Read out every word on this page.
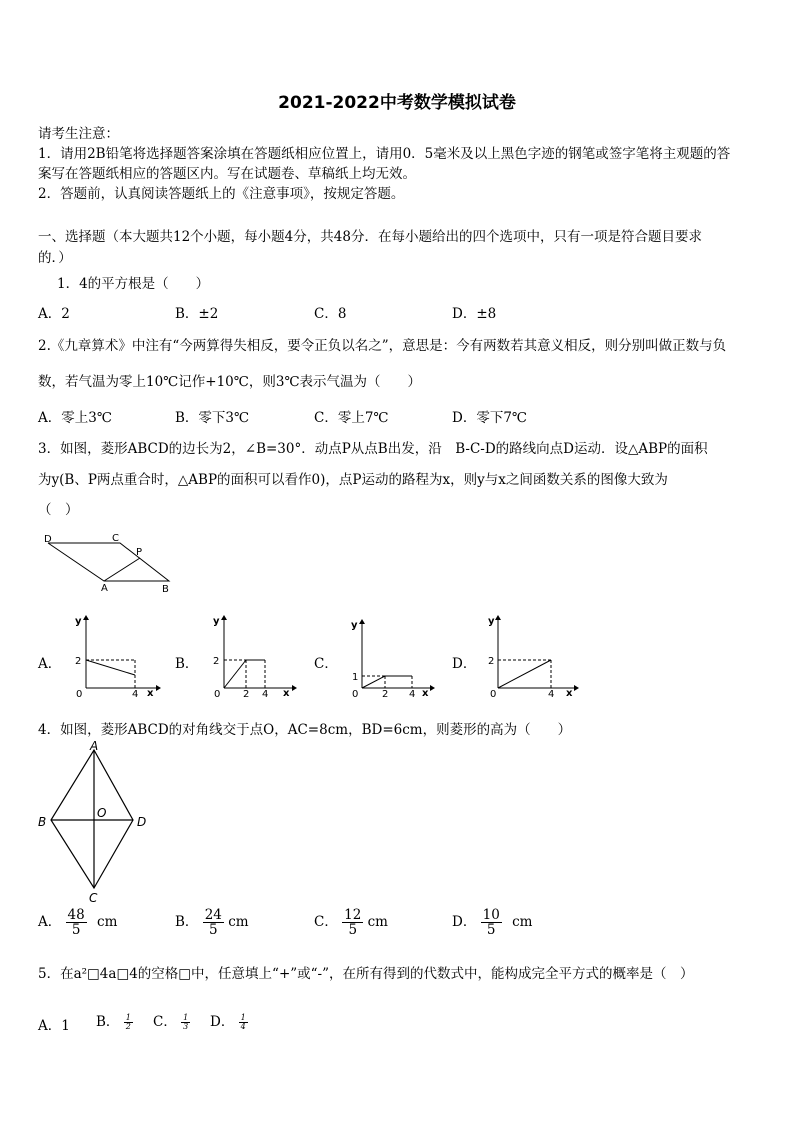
2021-2022中考数学模拟试卷
请考生注意：
1．请用2B铅笔将选择题答案涂填在答题纸相应位置上，请用0．5毫米及以上黑色字迹的钢笔或签字笔将主观题的答
案写在答题纸相应的答题区内。写在试题卷、草稿纸上均无效。
2．答题前，认真阅读答题纸上的《注意事项》，按规定答题。
一、选择题（本大题共12个小题，每小题4分，共48分．在每小题给出的四个选项中，只有一项是符合题目要求
的．）
1．4的平方根是（　　）
A．2	B．±2	C．8	D．±8
2.《九章算术》中注有“今两算得失相反，要令正负以名之”，意思是：今有两数若其意义相反，则分别叫做正数与负
数，若气温为零上10℃记作+10℃，则3℃表示气温为（　　）
A．零上3℃	B．零下3℃	C．零上7℃	D．零下7℃
3．如图，菱形ABCD的边长为2，∠B=30°．动点P从点B出发，沿　B-C-D的路线向点D运动．设△ABP的面积
为y(B、P两点重合时，△ABP的面积可以看作0)，点P运动的路程为x，则y与x之间函数关系的图像大致为
（　）
D	C
P
A	B
A．
y
2
0	4 x
B．
y
2
0 2 4 x
C．
y
1
0 2 4 x
D．
y
2
0	4 x
4．如图，菱形ABCD的对角线交于点O，AC=8cm，BD=6cm，则菱形的高为（　　）
A
B
O
D
C
A． $\frac{48}{5}$ cm	B． $\frac{24}{5}$ cm	C． $\frac{12}{5}$ cm	D． $\frac{10}{5}$ cm
5．在a²□4a□4的空格□中，任意填上“+”或“-”，在所有得到的代数式中，能构成完全平方式的概率是（　）
A．1 B． $\frac{1}{2}$ C． $\frac{1}{3}$ D． $\frac{1}{4}$
